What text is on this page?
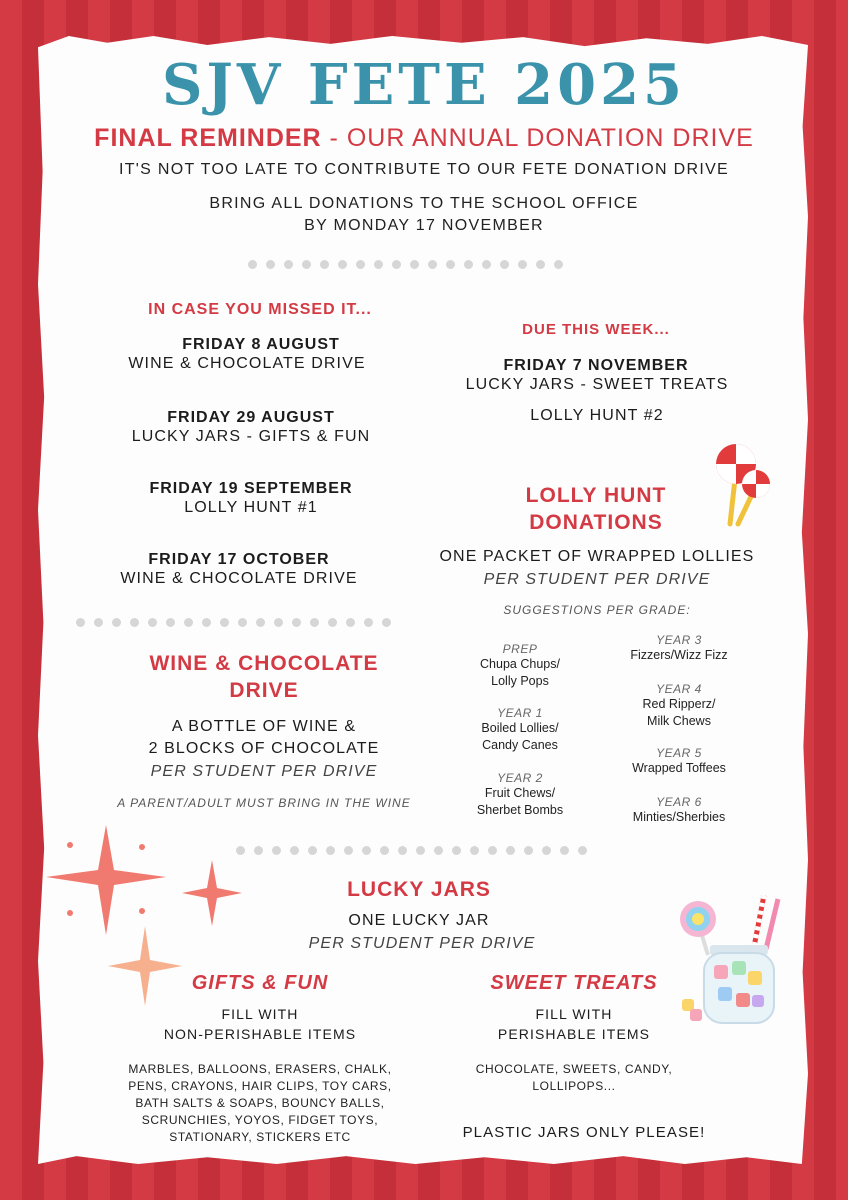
SJV FETE 2025
FINAL REMINDER - OUR ANNUAL DONATION DRIVE
IT'S NOT TOO LATE TO CONTRIBUTE TO OUR FETE DONATION DRIVE
BRING ALL DONATIONS TO THE SCHOOL OFFICE
BY MONDAY 17 NOVEMBER
IN CASE YOU MISSED IT...
FRIDAY 8 AUGUST
WINE & CHOCOLATE DRIVE
FRIDAY 29 AUGUST
LUCKY JARS - GIFTS & FUN
FRIDAY 19 SEPTEMBER
LOLLY HUNT #1
FRIDAY 17 OCTOBER
WINE & CHOCOLATE DRIVE
DUE THIS WEEK...
FRIDAY 7 NOVEMBER
LUCKY JARS - SWEET TREATS
LOLLY HUNT #2
LOLLY HUNT
DONATIONS
ONE PACKET OF WRAPPED LOLLIES
PER STUDENT PER DRIVE
SUGGESTIONS PER GRADE:
PREP
Chupa Chups/
Lolly Pops
YEAR 1
Boiled Lollies/
Candy Canes
YEAR 2
Fruit Chews/
Sherbet Bombs
YEAR 3
Fizzers/Wizz Fizz
YEAR 4
Red Ripperz/
Milk Chews
YEAR 5
Wrapped Toffees
YEAR 6
Minties/Sherbies
WINE & CHOCOLATE
DRIVE
A BOTTLE OF WINE &
2 BLOCKS OF CHOCOLATE
PER STUDENT PER DRIVE
A PARENT/ADULT MUST BRING IN THE WINE
LUCKY JARS
ONE LUCKY JAR
PER STUDENT PER DRIVE
GIFTS & FUN
FILL WITH
NON-PERISHABLE ITEMS
MARBLES, BALLOONS, ERASERS, CHALK,
PENS, CRAYONS, HAIR CLIPS, TOY CARS,
BATH SALTS & SOAPS, BOUNCY BALLS,
SCRUNCHIES, YOYOS, FIDGET TOYS,
STATIONARY, STICKERS ETC
SWEET TREATS
FILL WITH
PERISHABLE ITEMS
CHOCOLATE, SWEETS, CANDY,
LOLLIPOPS...
PLASTIC JARS ONLY PLEASE!
